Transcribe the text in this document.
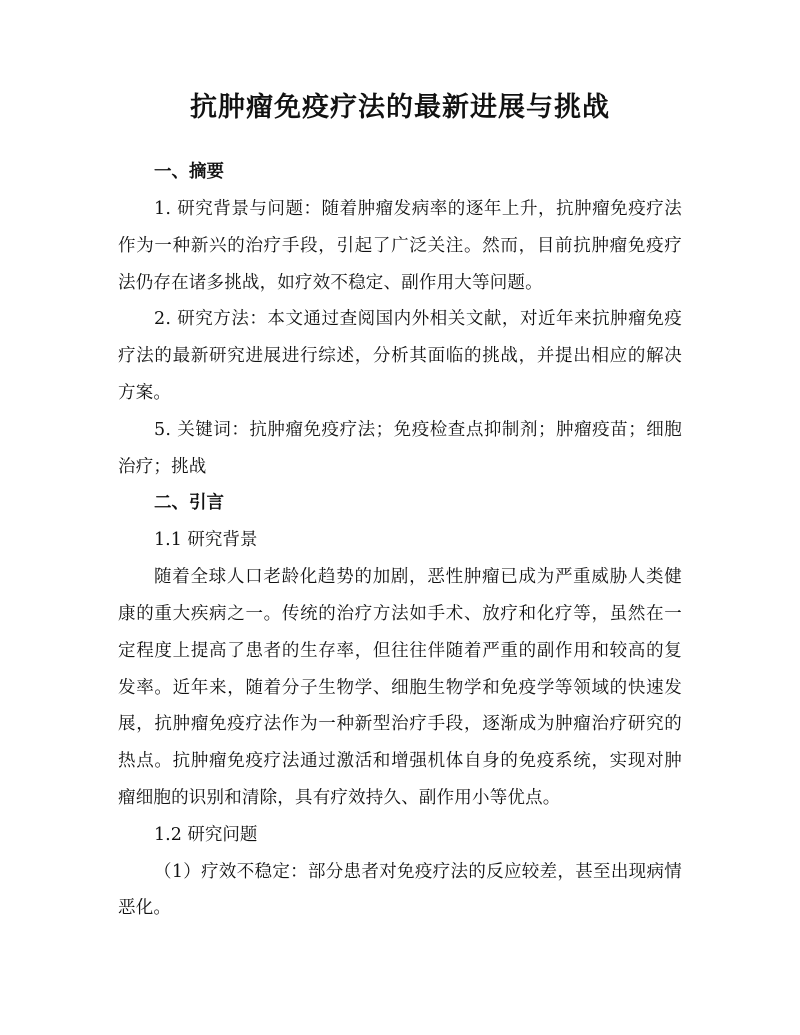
抗肿瘤免疫疗法的最新进展与挑战
一、摘要

1. 研究背景与问题：随着肿瘤发病率的逐年上升，抗肿瘤免疫疗法作为一种新兴的治疗手段，引起了广泛关注。然而，目前抗肿瘤免疫疗法仍存在诸多挑战，如疗效不稳定、副作用大等问题。

2. 研究方法：本文通过查阅国内外相关文献，对近年来抗肿瘤免疫疗法的最新研究进展进行综述，分析其面临的挑战，并提出相应的解决方案。

5. 关键词：抗肿瘤免疫疗法；免疫检查点抑制剂；肿瘤疫苗；细胞治疗；挑战

二、引言

1.1 研究背景

随着全球人口老龄化趋势的加剧，恶性肿瘤已成为严重威胁人类健康的重大疾病之一。传统的治疗方法如手术、放疗和化疗等，虽然在一定程度上提高了患者的生存率，但往往伴随着严重的副作用和较高的复发率。近年来，随着分子生物学、细胞生物学和免疫学等领域的快速发展，抗肿瘤免疫疗法作为一种新型治疗手段，逐渐成为肿瘤治疗研究的热点。抗肿瘤免疫疗法通过激活和增强机体自身的免疫系统，实现对肿瘤细胞的识别和清除，具有疗效持久、副作用小等优点。

1.2 研究问题

（1）疗效不稳定：部分患者对免疫疗法的反应较差，甚至出现病情恶化。
